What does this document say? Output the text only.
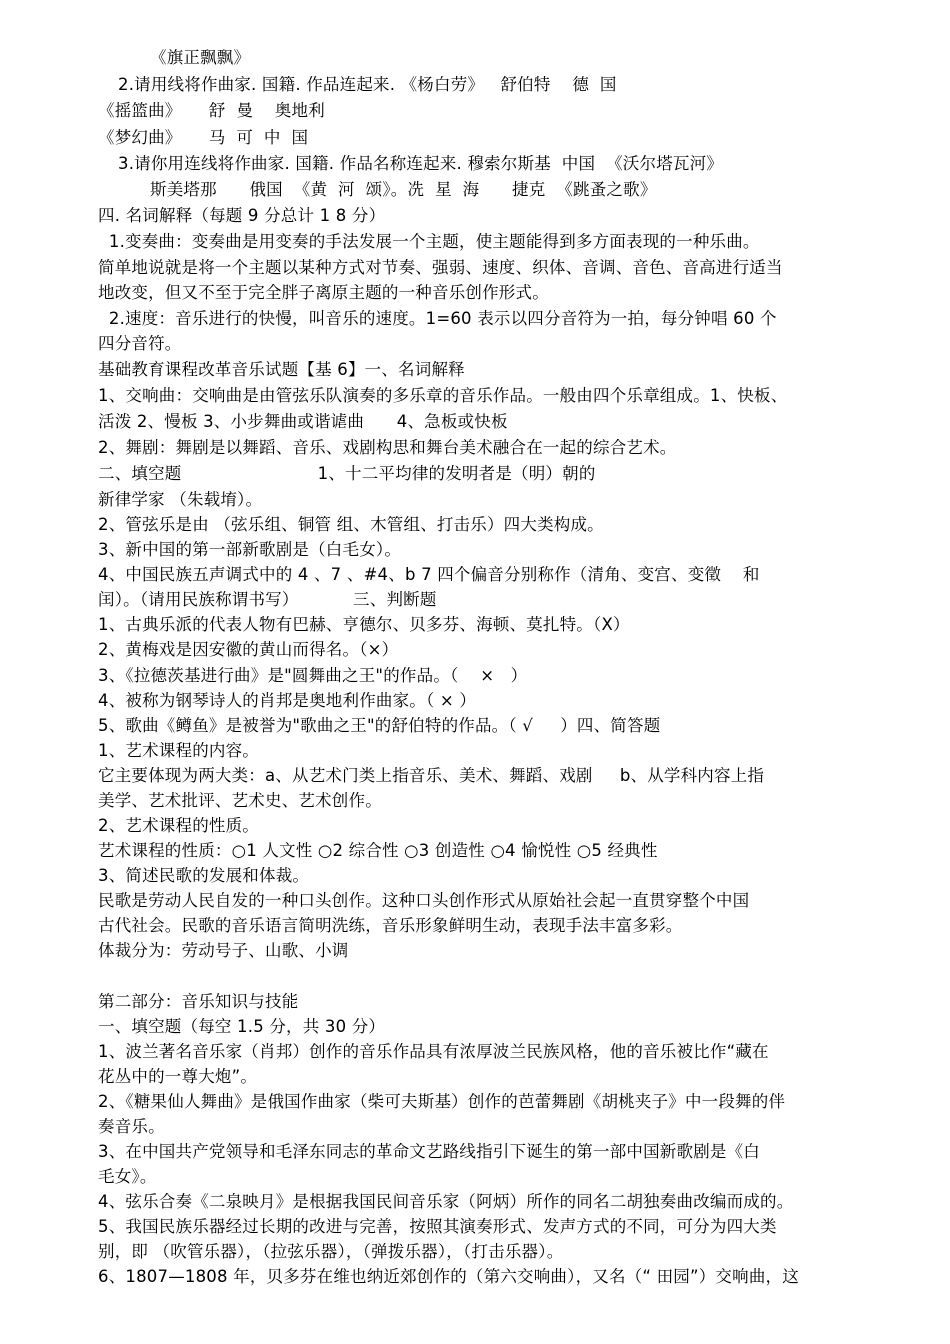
《旗正飘飘》
2.请用线将作曲家. 国籍. 作品连起来. 《杨白劳》   舒伯特    德  国
《摇篮曲》     舒  曼    奥地利
《梦幻曲》     马  可  中  国
3.请你用连线将作曲家. 国籍. 作品名称连起来. 穆索尔斯基  中国  《沃尔塔瓦河》
斯美塔那      俄国  《黄  河  颂》。冼  星  海      捷克  《跳蚤之歌》
四. 名词解释（每题 9 分总计 1 8 分）
1.变奏曲：变奏曲是用变奏的手法发展一个主题，使主题能得到多方面表现的一种乐曲。
简单地说就是将一个主题以某种方式对节奏、强弱、速度、织体、音调、音色、音高进行适当
地改变，但又不至于完全胖子离原主题的一种音乐创作形式。
2.速度：音乐进行的快慢，叫音乐的速度。1=60 表示以四分音符为一拍，每分钟唱 60 个
四分音符。
基础教育课程改革音乐试题【基 6】一、名词解释
1、交响曲：交响曲是由管弦乐队演奏的多乐章的音乐作品。一般由四个乐章组成。1、快板、
活泼 2、慢板 3、小步舞曲或谐谑曲      4、急板或快板
2、舞剧：舞剧是以舞蹈、音乐、戏剧构思和舞台美术融合在一起的综合艺术。
二、填空题                         1、十二平均律的发明者是（明）朝的
新律学家 （朱载堉）。
2、管弦乐是由 （弦乐组、铜管 组、木管组、打击乐）四大类构成。
3、新中国的第一部新歌剧是（白毛女）。
4、中国民族五声调式中的 4 、7 、#4、b 7 四个偏音分别称作（清角、变宫、变徵    和
闰）。（请用民族称谓书写）          三、判断题
1、古典乐派的代表人物有巴赫、亨德尔、贝多芬、海顿、莫扎特。（X）
2、黄梅戏是因安徽的黄山而得名。（×）
3、《拉德茨基进行曲》是"圆舞曲之王"的作品。（    ×   ）
4、被称为钢琴诗人的肖邦是奥地利作曲家。（ × ）
5、歌曲《鳟鱼》是被誉为"歌曲之王"的舒伯特的作品。（ √     ）四、简答题
1、艺术课程的内容。
它主要体现为两大类：a、从艺术门类上指音乐、美术、舞蹈、戏剧     b、从学科内容上指
美学、艺术批评、艺术史、艺术创作。
2、艺术课程的性质。
艺术课程的性质：○1 人文性 ○2 综合性 ○3 创造性 ○4 愉悦性 ○5 经典性
3、简述民歌的发展和体裁。
民歌是劳动人民自发的一种口头创作。这种口头创作形式从原始社会起一直贯穿整个中国
古代社会。民歌的音乐语言简明洗练，音乐形象鲜明生动，表现手法丰富多彩。
体裁分为：劳动号子、山歌、小调
第二部分：音乐知识与技能
一、填空题（每空 1.5 分，共 30 分）
1、波兰著名音乐家（肖邦）创作的音乐作品具有浓厚波兰民族风格，他的音乐被比作“藏在
花丛中的一尊大炮”。
2、《糖果仙人舞曲》是俄国作曲家（柴可夫斯基）创作的芭蕾舞剧《胡桃夹子》中一段舞的伴
奏音乐。
3、在中国共产党领导和毛泽东同志的革命文艺路线指引下诞生的第一部中国新歌剧是《白
毛女》。
4、弦乐合奏《二泉映月》是根据我国民间音乐家（阿炳）所作的同名二胡独奏曲改编而成的。
5、我国民族乐器经过长期的改进与完善，按照其演奏形式、发声方式的不同，可分为四大类
别，即 （吹管乐器），（拉弦乐器），（弹拨乐器），（打击乐器）。
6、1807—1808 年，贝多芬在维也纳近郊创作的（第六交响曲），又名（“ 田园”）交响曲，这
